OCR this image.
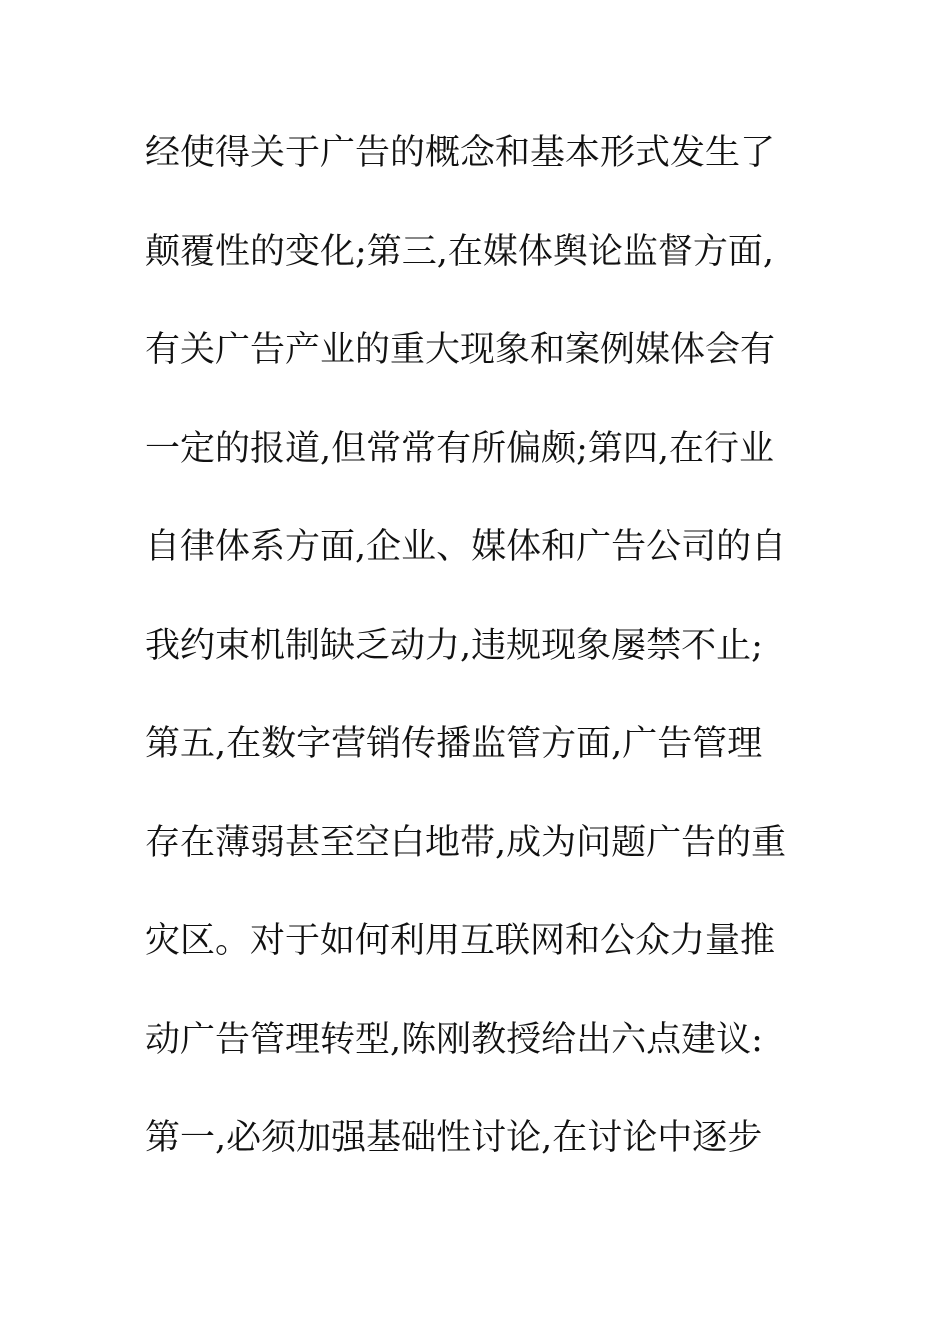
经使得关于广告的概念和基本形式发生了
颠覆性的变化;第三,在媒体舆论监督方面,
有关广告产业的重大现象和案例媒体会有
一定的报道,但常常有所偏颇;第四,在行业
自律体系方面,企业、媒体和广告公司的自
我约束机制缺乏动力,违规现象屡禁不止;
第五,在数字营销传播监管方面,广告管理
存在薄弱甚至空白地带,成为问题广告的重
灾区。对于如何利用互联网和公众力量推
动广告管理转型,陈刚教授给出六点建议:
第一,必须加强基础性讨论,在讨论中逐步
